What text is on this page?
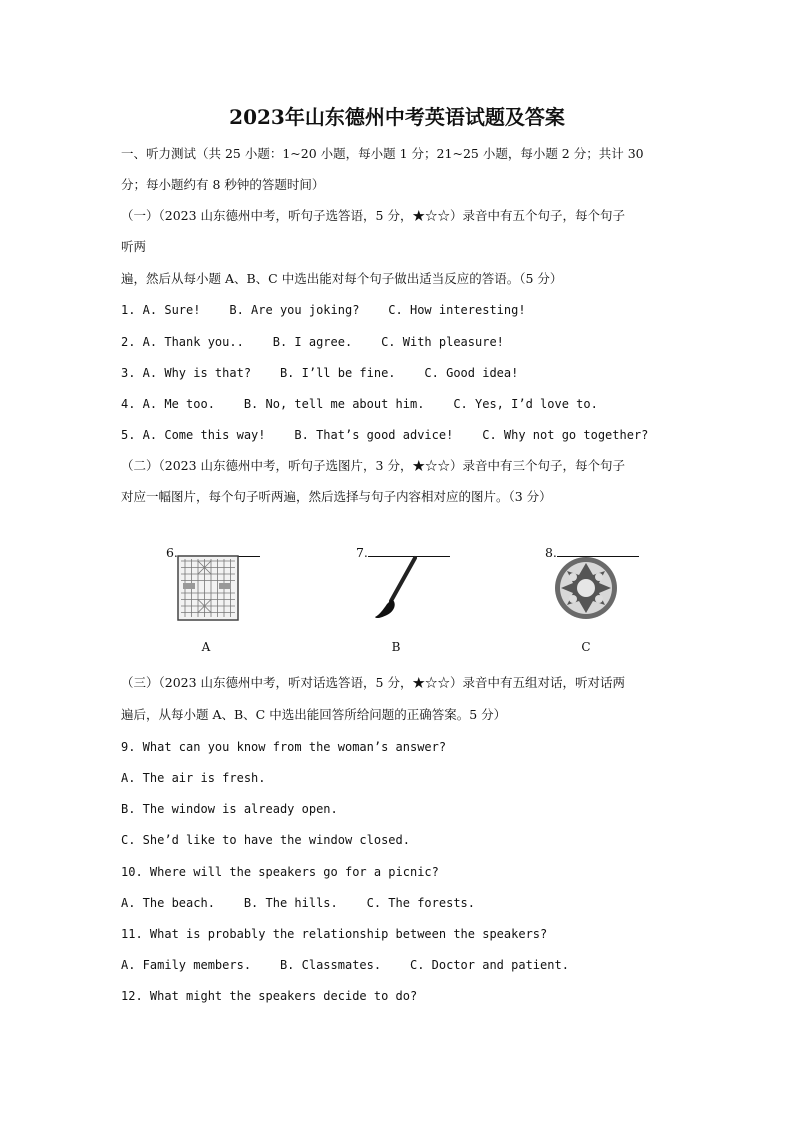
2023年山东德州中考英语试题及答案
一、听力测试（共 25 小题：1~20 小题，每小题 1 分；21~25 小题，每小题 2 分；共计 30
分；每小题约有 8 秒钟的答题时间）
（一）（2023 山东德州中考，听句子选答语，5 分，★☆☆）录音中有五个句子，每个句子
听两
遍，然后从每小题 A、B、C 中选出能对每个句子做出适当反应的答语。（5 分）
1. A. Sure!    B. Are you joking?    C. How interesting!
2. A. Thank you..    B. I agree.    C. With pleasure!
3. A. Why is that?    B. I’ll be fine.    C. Good idea!
4. A. Me too.    B. No, tell me about him.    C. Yes, I’d love to.
5. A. Come this way!    B. That’s good advice!    C. Why not go together?
（二）（2023 山东德州中考，听句子选图片，3 分，★☆☆）录音中有三个句子，每个句子
对应一幅图片，每个句子听两遍，然后选择与句子内容相对应的图片。（3 分）

6.	7.	8.

A	B	C
（三）（2023 山东德州中考，听对话选答语，5 分，★☆☆）录音中有五组对话，听对话两
遍后，从每小题 A、B、C 中选出能回答所给问题的正确答案。5 分）
9. What can you know from the woman’s answer?
A. The air is fresh.
B. The window is already open.
C. She’d like to have the window closed.
10. Where will the speakers go for a picnic?
A. The beach.    B. The hills.    C. The forests.
11. What is probably the relationship between the speakers?
A. Family members.    B. Classmates.    C. Doctor and patient.
12. What might the speakers decide to do?
